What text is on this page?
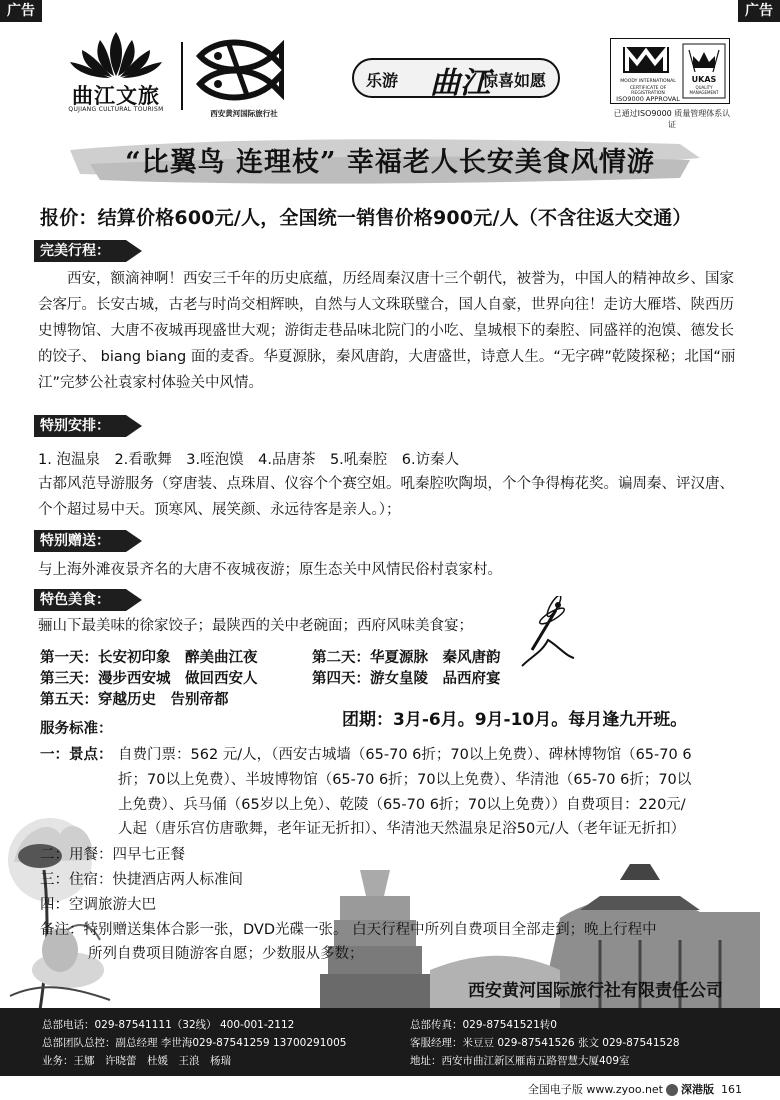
广告	广告
曲江文旅
QUJIANG CULTURAL TOURISM	西安黄河国际旅行社
乐游 曲江
惊喜如愿	MOODY INTERNATIONAL
CERTIFICATE OF REGISTRATION
ISO9000 APPROVAL
UKAS
QUALITY MANAGEMENT
已通过ISO9000 质量管理体系认证
“比翼鸟 连理枝” 幸福老人长安美食风情游
报价：结算价格600元/人，全国统一销售价格900元/人（不含往返大交通）
完美行程：

西安，额滴神啊！西安三千年的历史底蕴，历经周秦汉唐十三个朝代，被誉为，中国人的精神故乡、国家会客厅。长安古城，古老与时尚交相辉映，自然与人文珠联璧合，国人自豪，世界向往！走访大雁塔、陕西历史博物馆、大唐不夜城再现盛世大观；游街走巷品味北院门的小吃、皇城根下的秦腔、同盛祥的泡馍、德发长的饺子、 biang biang 面的麦香。华夏源脉，秦风唐韵，大唐盛世，诗意人生。“无字碑”乾陵探秘；北国“丽江”完梦公社袁家村体验关中风情。

特别安排：
1. 泡温泉　2.看歌舞　3.咥泡馍　4.品唐茶　5.吼秦腔　6.访秦人

古都风范导游服务（穿唐装、点珠眉、仪容个个赛空姐。吼秦腔吹陶埙，个个争得梅花奖。谝周秦、评汉唐、个个超过易中天。顶寒风、展笑颜、永远待客是亲人。）；

特别赠送：
与上海外滩夜景齐名的大唐不夜城夜游；原生态关中风情民俗村袁家村。
特色美食：
骊山下最美味的徐家饺子；最陕西的关中老碗面；西府风味美食宴；
第一天：长安初印象　醉美曲江夜	第二天：华夏源脉　秦风唐韵
第三天：漫步西安城　做回西安人	第四天：游女皇陵　品西府宴
第五天：穿越历史　告别帝都
团期：3月-6月。9月-10月。每月逢九开班。
服务标准：
一：景点： 自费门票：562 元/人，（西安古城墙（65-70 6折；70以上免费）、碑林博物馆（65-70 6
折；70以上免费）、半坡博物馆（65-70 6折；70以上免费）、华清池（65-70 6折；70以
上免费）、兵马俑（65岁以上免）、乾陵（65-70 6折；70以上免费））自费项目：220元/
人起（唐乐宫仿唐歌舞，老年证无折扣）、华清池天然温泉足浴50元/人（老年证无折扣）
二：用餐：四早七正餐
三：住宿：快捷酒店两人标准间
四：空调旅游大巴
备注：特别赠送集体合影一张，DVD光碟一张。 白天行程中所列自费项目全部走到；晚上行程中
所列自费项目随游客自愿；少数服从多数；
西安黄河国际旅行社有限责任公司
总部电话：029-87541111（32线） 400-001-2112	总部传真：029-87541521转0
总部团队总控：副总经理 李世海029-87541259 13700291005	客服经理：米豆豆 029-87541526 张文 029-87541528
业务：王娜　许晓蕾　杜媛　王浪　杨瑞	地址：西安市曲江新区雁南五路智慧大厦409室
全国电子版 www.zyoo.net 深港版 161
